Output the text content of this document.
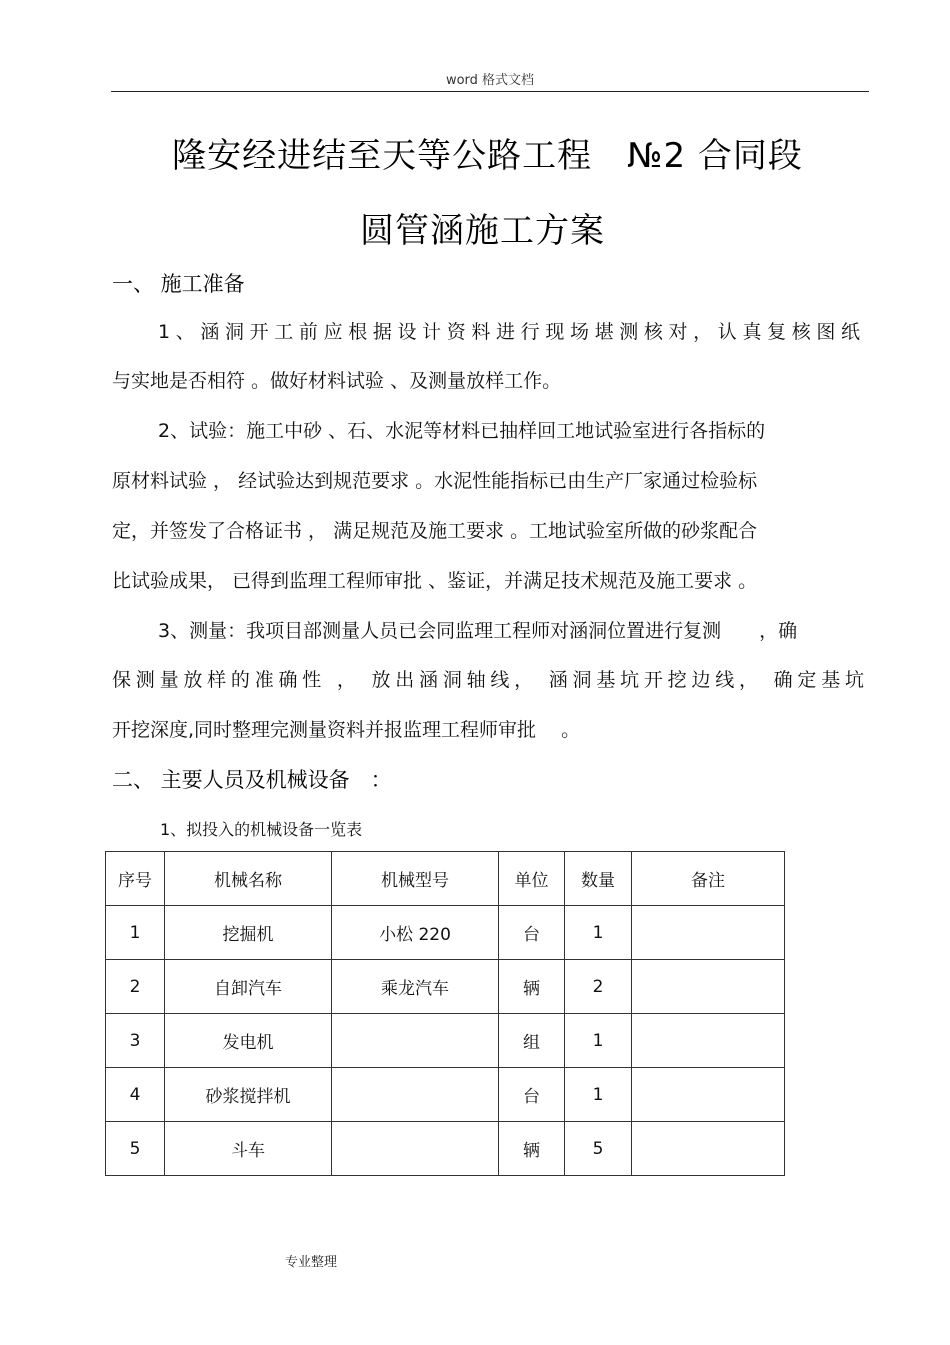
word 格式文档
隆安经进结至天等公路工程　№2 合同段
圆管涵施工方案
一、 施工准备
1、涵洞开工前应根据设计资料进行现场堪测核对，认真复核图纸
与实地是否相符 。做好材料试验 、及测量放样工作。
2、试验：施工中砂 、石、水泥等材料已抽样回工地试验室进行各指标的
原材料试验 ， 经试验达到规范要求 。水泥性能指标已由生产厂家通过检验标
定，并签发了合格证书 ， 满足规范及施工要求 。工地试验室所做的砂浆配合
比试验成果， 已得到监理工程师审批 、鉴证，并满足技术规范及施工要求 。
3、测量：我项目部测量人员已会同监理工程师对涵洞位置进行复测　　，确
保测量放样的准确性 ， 放出涵洞轴线， 涵洞基坑开挖边线， 确定基坑
开挖深度,同时整理完测量资料并报监理工程师审批　 。
二、 主要人员及机械设备　：
1、拟投入的机械设备一览表
序号	机械名称	机械型号	单位	数量	备注
1	挖掘机	小松 220	台	1	
2	自卸汽车	乘龙汽车	辆	2	
3	发电机		组	1	
4	砂浆搅拌机		台	1	
5	斗车		辆	5	
专业整理
